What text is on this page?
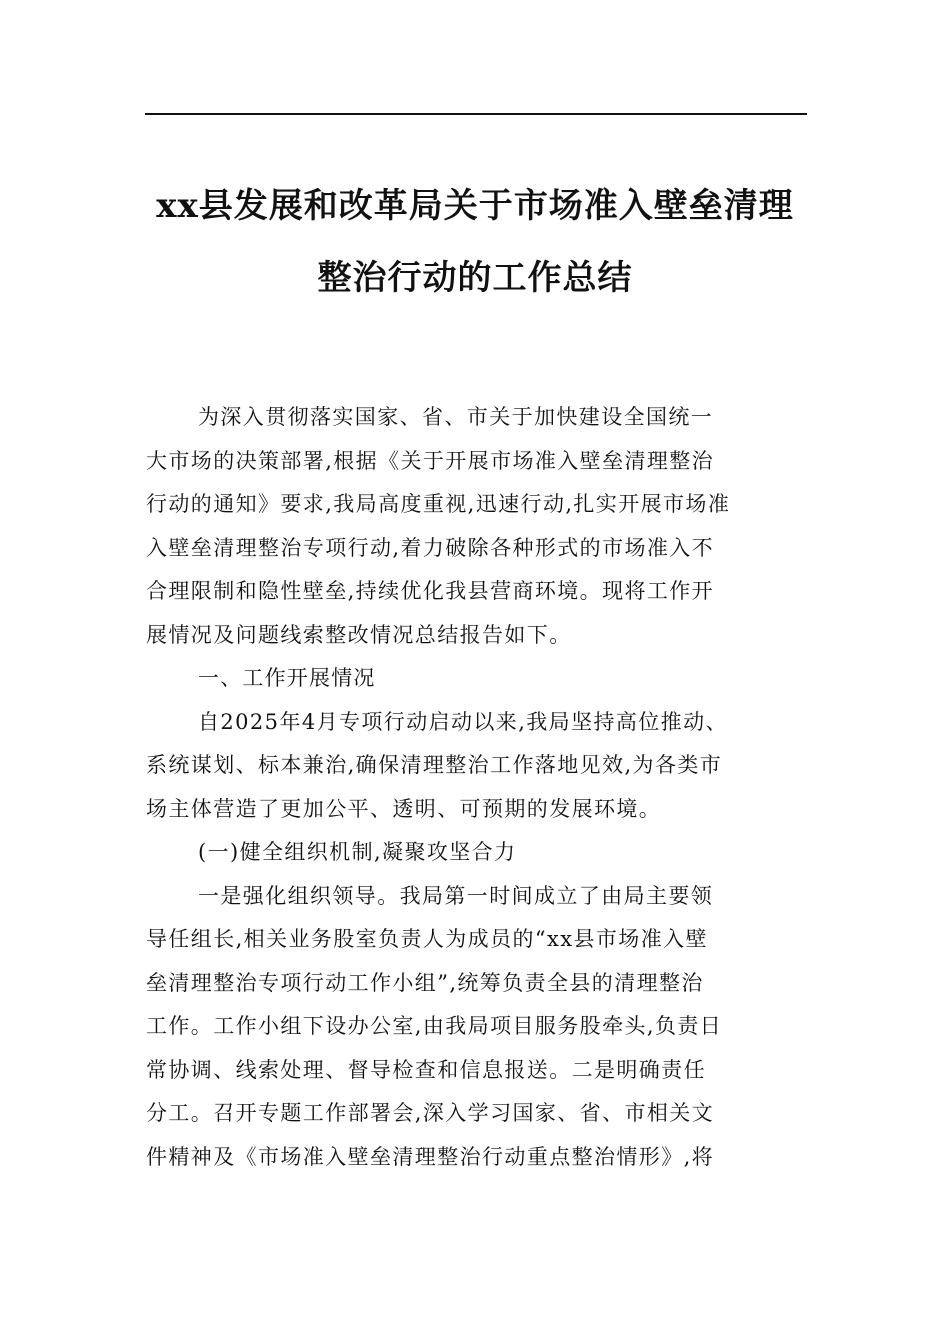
xx县发展和改革局关于市场准入壁垒清理
整治行动的工作总结
为深入贯彻落实国家、省、市关于加快建设全国统一
大市场的决策部署,根据《关于开展市场准入壁垒清理整治
行动的通知》要求,我局高度重视,迅速行动,扎实开展市场准
入壁垒清理整治专项行动,着力破除各种形式的市场准入不
合理限制和隐性壁垒,持续优化我县营商环境。现将工作开
展情况及问题线索整改情况总结报告如下。
一、工作开展情况
自2025年4月专项行动启动以来,我局坚持高位推动、
系统谋划、标本兼治,确保清理整治工作落地见效,为各类市
场主体营造了更加公平、透明、可预期的发展环境。
(一)健全组织机制,凝聚攻坚合力
一是强化组织领导。我局第一时间成立了由局主要领
导任组长,相关业务股室负责人为成员的“xx县市场准入壁
垒清理整治专项行动工作小组”,统筹负责全县的清理整治
工作。工作小组下设办公室,由我局项目服务股牵头,负责日
常协调、线索处理、督导检查和信息报送。二是明确责任
分工。召开专题工作部署会,深入学习国家、省、市相关文
件精神及《市场准入壁垒清理整治行动重点整治情形》,将
